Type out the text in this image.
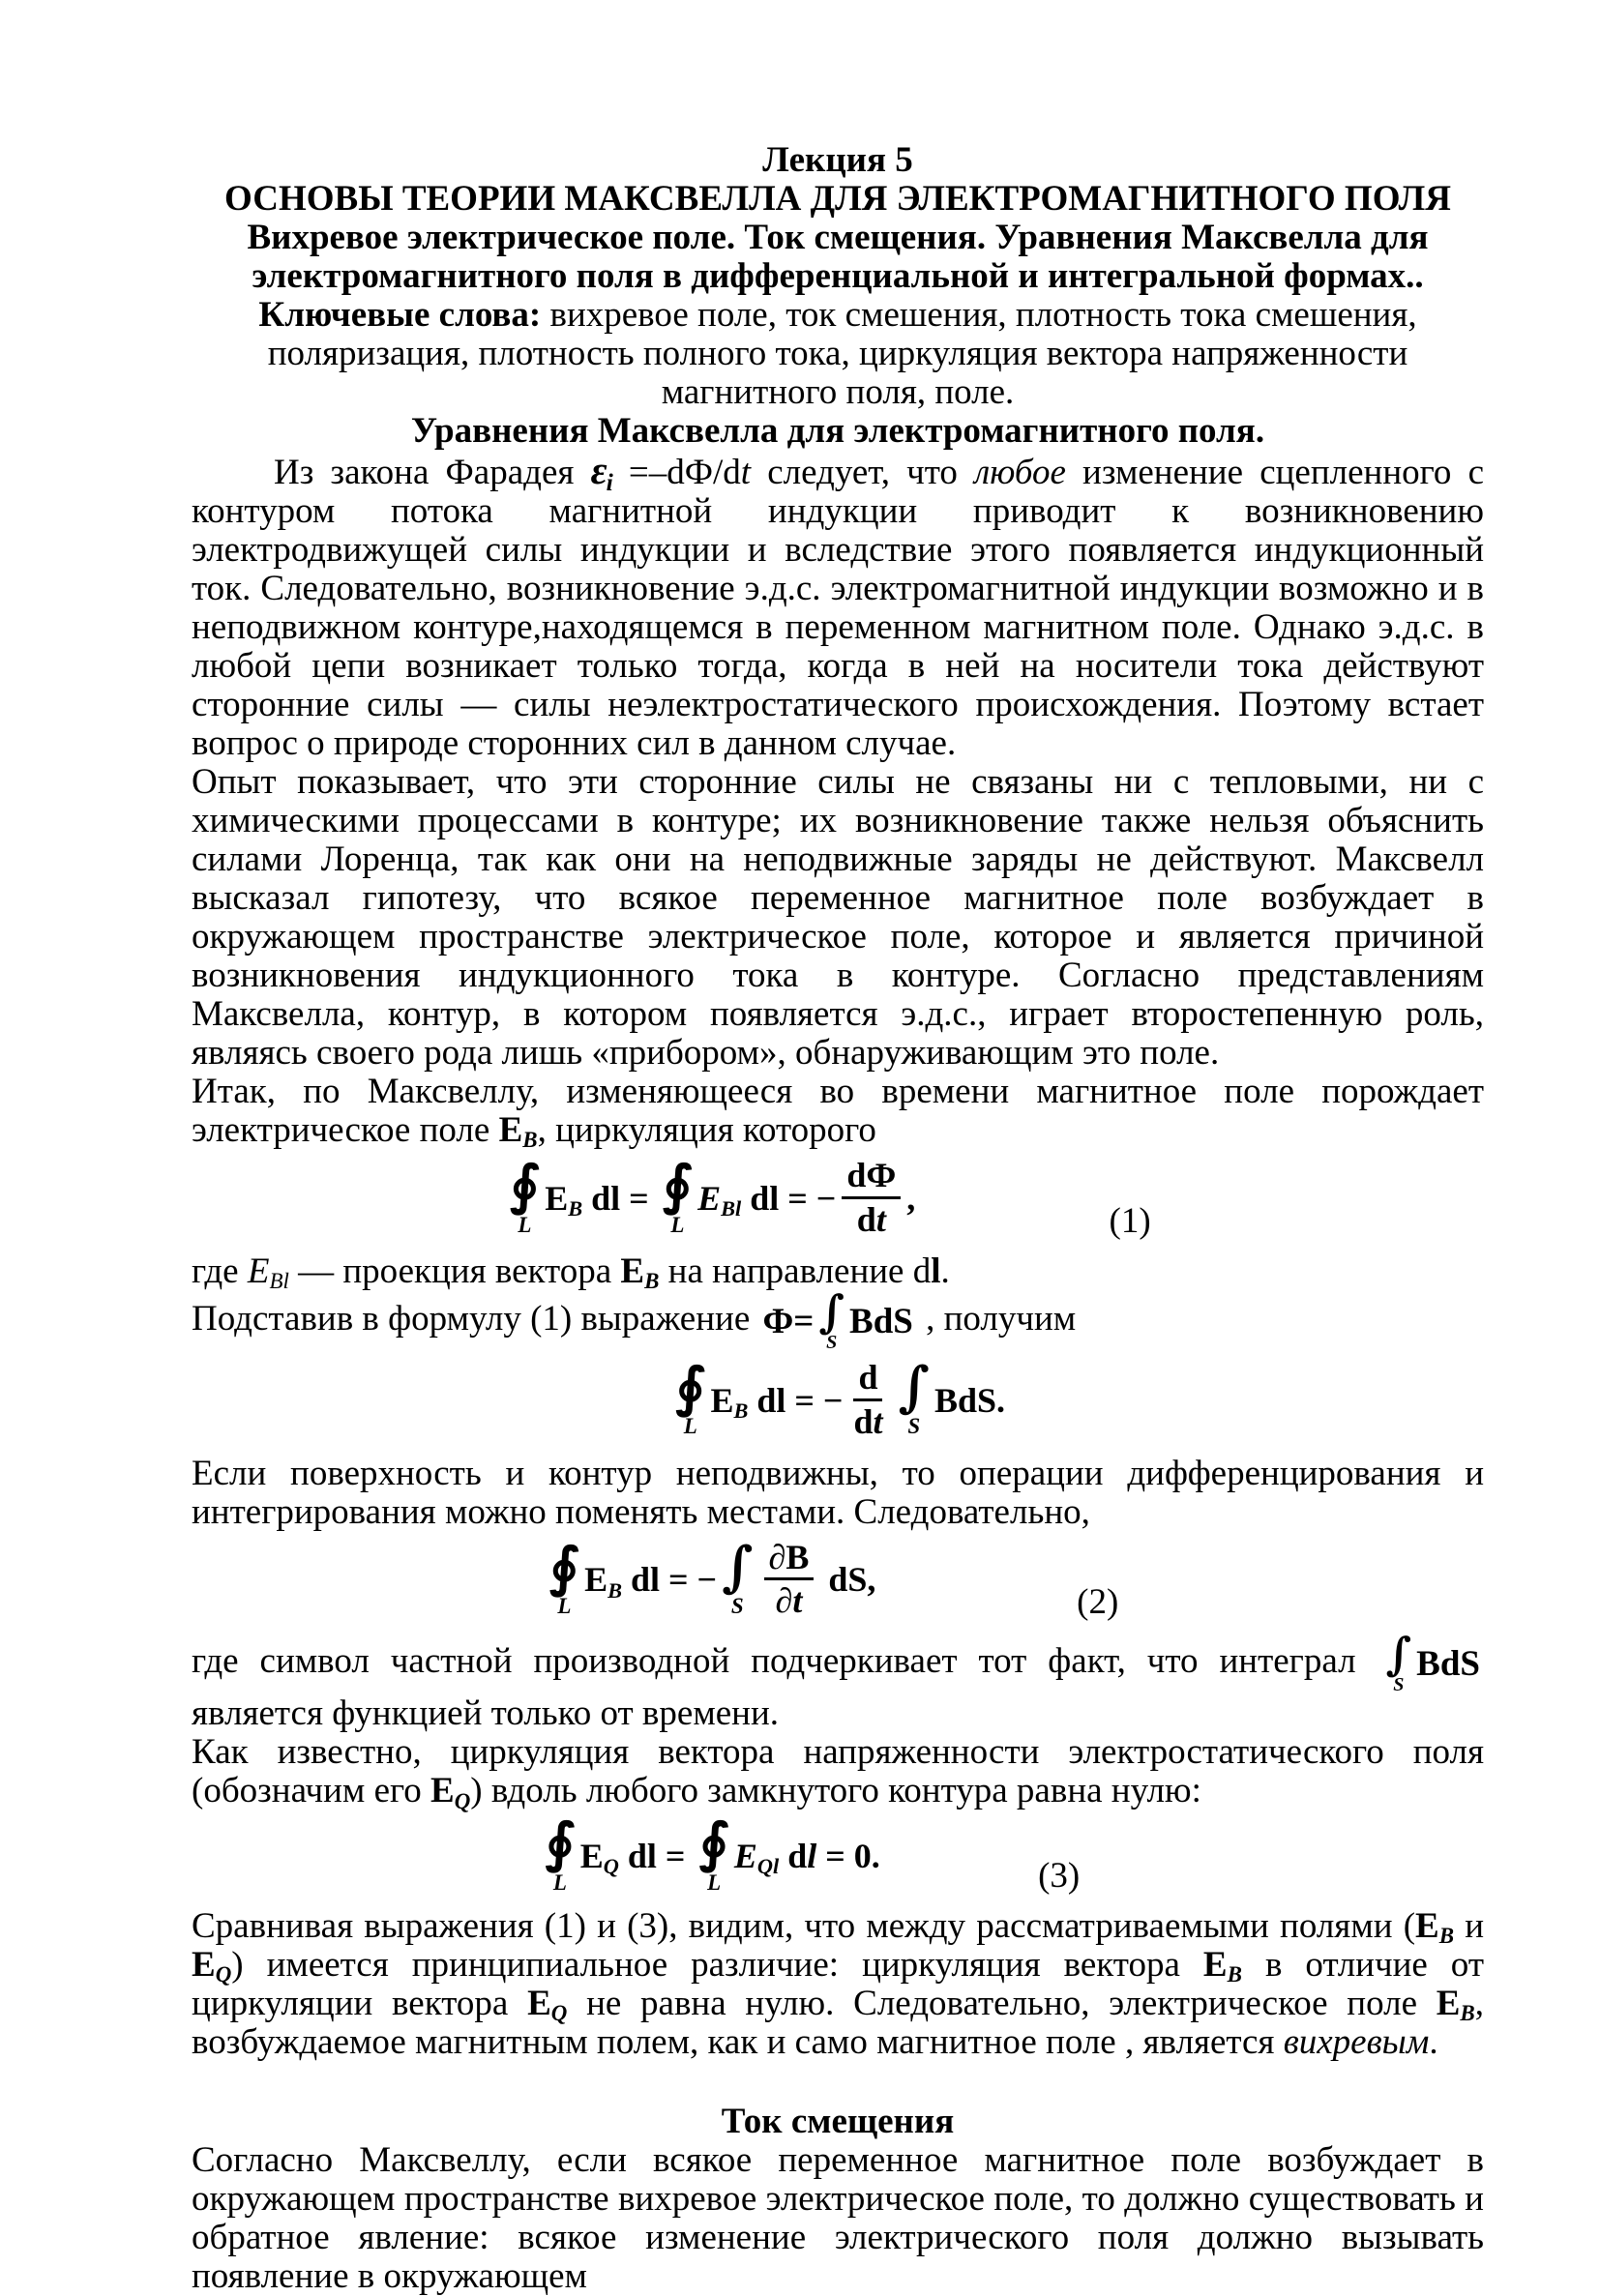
Лекция 5
ОСНОВЫ ТЕОРИИ МАКСВЕЛЛА ДЛЯ ЭЛЕКТРОМАГНИТНОГО ПОЛЯ
Вихревое электрическое поле. Ток смещения. Уравнения Максвелла для электромагнитного поля в дифференциальной и интегральной формах..
Ключевые слова: вихревое поле, ток смешения, плотность тока смешения, поляризация, плотность полного тока, циркуляция вектора напряженности магнитного поля, поле.
Уравнения Максвелла для электромагнитного поля.

Из закона Фарадея εi =–dФ/dt следует, что любое изменение сцепленного с контуром потока магнитной индукции приводит к возникновению электродвижущей силы индукции и вследствие этого появляется индукционный ток. Следовательно, возникновение э.д.с. электромагнитной индукции возможно и в неподвижном контуре,находящемся в переменном магнитном поле. Однако э.д.с. в любой цепи возникает только тогда, когда в ней на носители тока действуют сторонние силы — силы неэлектростатического происхождения. Поэтому встает вопрос о природе сторонних сил в данном случае.

Опыт показывает, что эти сторонние силы не связаны ни с тепловыми, ни с химическими процессами в контуре; их возникновение также нельзя объяснить силами Лоренца, так как они на неподвижные заряды не действуют. Максвелл высказал гипотезу, что всякое переменное магнитное поле возбуждает в окружающем пространстве электрическое поле, которое и является причиной возникновения индукционного тока в контуре. Согласно представлениям Максвелла, контур, в котором появляется э.д.с., играет второстепенную роль, являясь своего рода лишь «прибором», обнаруживающим это поле.

Итак, по Максвеллу, изменяющееся во времени магнитное поле порождает электрическое поле EB, циркуляция которого

∮
L
EB dl = ∮
L
EBl dl = − $\frac{dФ}{dt}$ ,
(1)

где EBl — проекция вектора EB на направление dl.

Подставив в формулу (1) выражение Ф = ∫
S
B d S , получим

∮
L
EB dl = − $\frac{d}{dt}$ ∫
S
B d S .

Если поверхность и контур неподвижны, то операции дифференцирования и интегрирования можно поменять местами. Следовательно,

∮
L
EB dl = − ∫
S $\frac{\partial B}{\partial t}$ d S ,
(2)

где символ частной производной подчеркивает тот факт, что интеграл ∫
S
B d S
является функцией только от времени.

Как известно, циркуляция вектора напряженности электростатического поля (обозначим его EQ) вдоль любого замкнутого контура равна нулю:

∮
L
EQ dl = ∮
L
EQl d l = 0.	(3)

Сравнивая выражения (1) и (3), видим, что между рассматриваемыми полями (EB и EQ) имеется принципиальное различие: циркуляция вектора EB в отличие от циркуляции вектора EQ не равна нулю. Следовательно, электрическое поле EB, возбуждаемое магнитным полем, как и само магнитное поле , является вихревым.

Ток смещения

Согласно Максвеллу, если всякое переменное магнитное поле возбуждает в окружающем пространстве вихревое электрическое поле, то должно существовать и обратное явление: всякое изменение электрического поля должно вызывать появление в окружающем
